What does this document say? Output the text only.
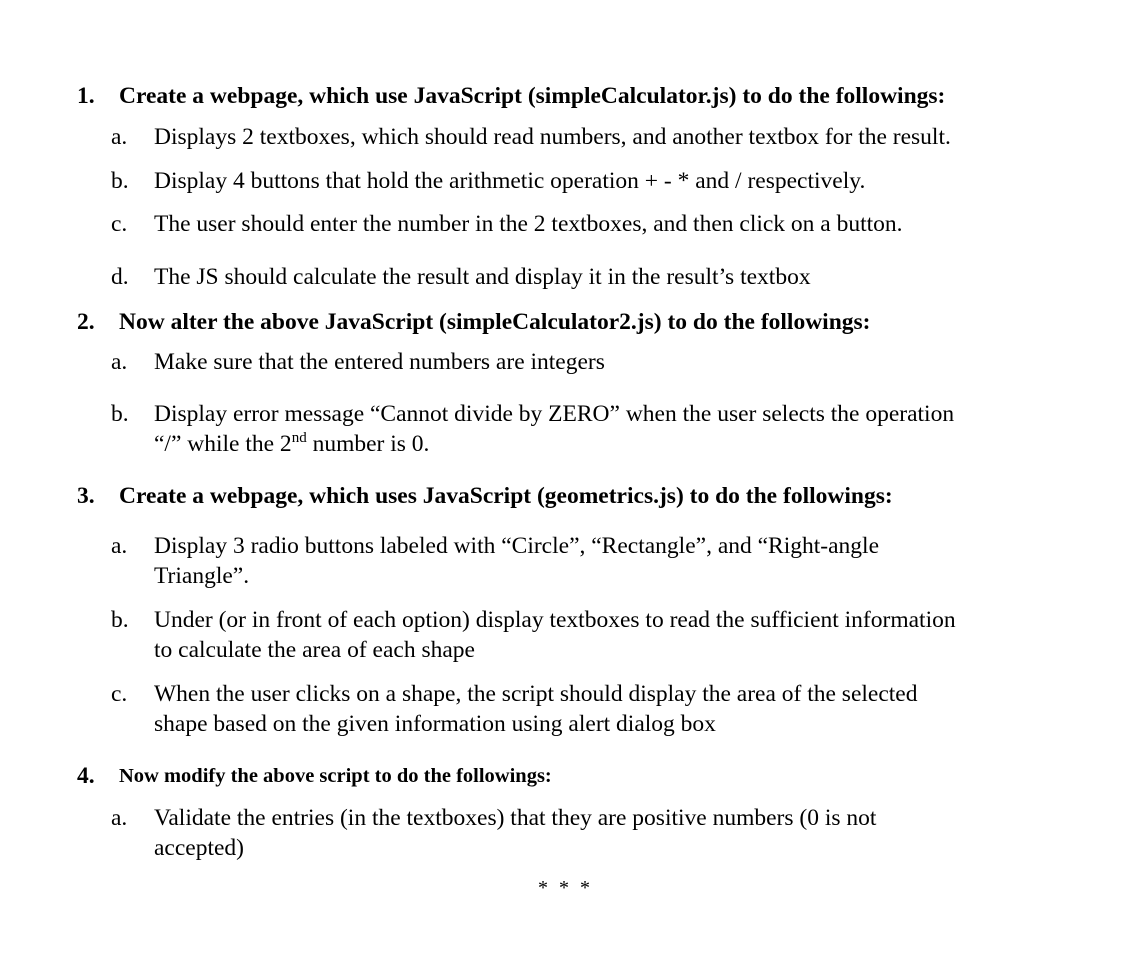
1. Create a webpage, which use JavaScript (simpleCalculator.js) to do the followings:
a. Displays 2 textboxes, which should read numbers, and another textbox for the result.
b. Display 4 buttons that hold the arithmetic operation + - * and / respectively.
c. The user should enter the number in the 2 textboxes, and then click on a button.
d. The JS should calculate the result and display it in the result’s textbox
2. Now alter the above JavaScript (simpleCalculator2.js) to do the followings:
a. Make sure that the entered numbers are integers
b. Display error message “Cannot divide by ZERO” when the user selects the operation
“/” while the 2nd number is 0.
3. Create a webpage, which uses JavaScript (geometrics.js) to do the followings:
a. Display 3 radio buttons labeled with “Circle”, “Rectangle”, and “Right-angle
Triangle”.
b. Under (or in front of each option) display textboxes to read the sufficient information
to calculate the area of each shape
c. When the user clicks on a shape, the script should display the area of the selected
shape based on the given information using alert dialog box
4. Now modify the above script to do the followings:
a. Validate the entries (in the textboxes) that they are positive numbers (0 is not
accepted)
* * *
